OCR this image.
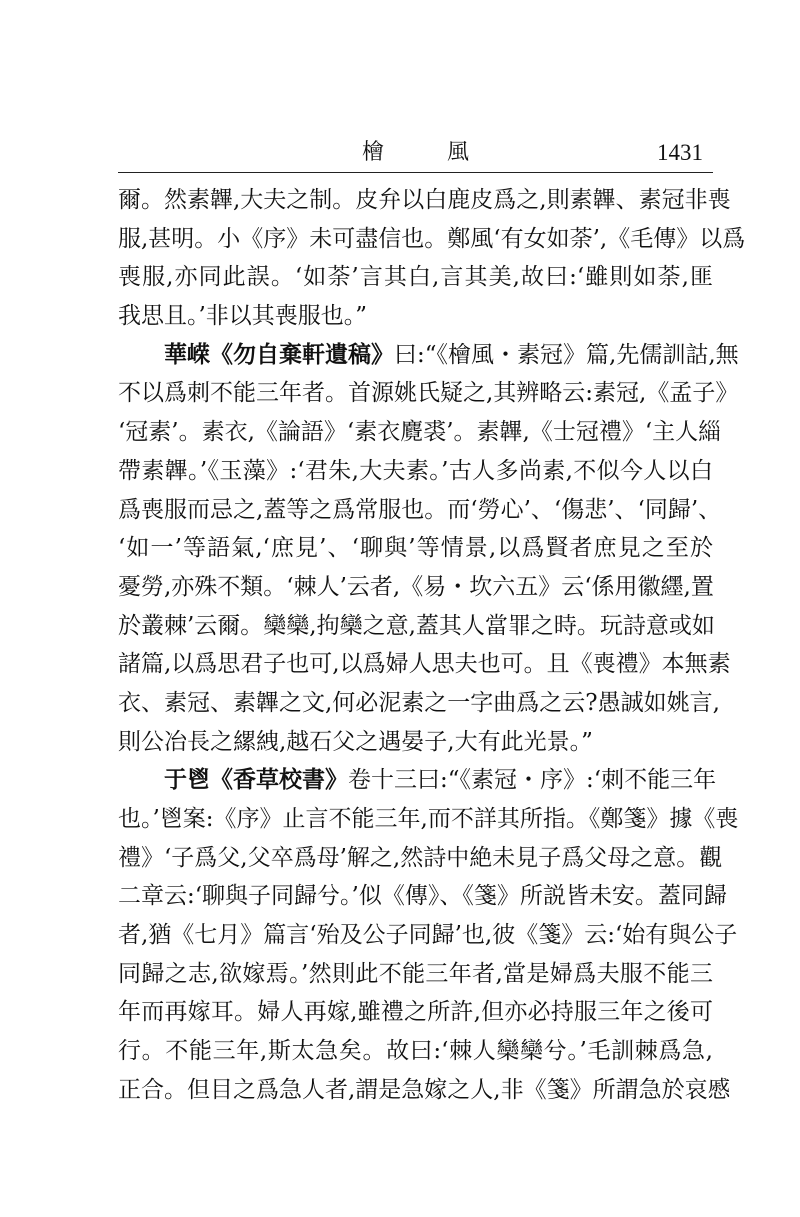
檜 風	1431
爾。然素韠,大夫之制。皮弁以白鹿皮爲之,則素韠、素冠非喪
服,甚明。小《序》未可盡信也。鄭風‘有女如荼’,《毛傳》以爲
喪服,亦同此誤。‘如荼’言其白,言其美,故曰:‘雖則如荼,匪
我思且。’非以其喪服也。”
華嵘《勿自棄軒遺稿》曰:“《檜風・素冠》篇,先儒訓詁,無
不以爲刺不能三年者。首源姚氏疑之,其辨略云:素冠,《孟子》
‘冠素’。素衣,《論語》‘素衣麑裘’。素韠,《士冠禮》‘主人緇
帶素韠。’《玉藻》:‘君朱,大夫素。’古人多尚素,不似今人以白
爲喪服而忌之,蓋等之爲常服也。而‘勞心’、‘傷悲’、‘同歸’、
‘如一’等語氣,‘庶見’、‘聊與’等情景,以爲賢者庶見之至於
憂勞,亦殊不類。‘棘人’云者,《易・坎六五》云‘係用徽纆,置
於叢棘’云爾。欒欒,拘欒之意,蓋其人當罪之時。玩詩意或如
諸篇,以爲思君子也可,以爲婦人思夫也可。且《喪禮》本無素
衣、素冠、素韠之文,何必泥素之一字曲爲之云?愚誠如姚言,
則公冶長之縲絏,越石父之遇晏子,大有此光景。”
于鬯《香草校書》卷十三曰:“《素冠・序》:‘刺不能三年
也。’鬯案:《序》止言不能三年,而不詳其所指。《鄭箋》據《喪
禮》‘子爲父,父卒爲母’解之,然詩中絶未見子爲父母之意。觀
二章云:‘聊與子同歸兮。’似《傳》、《箋》所説皆未安。蓋同歸
者,猶《七月》篇言‘殆及公子同歸’也,彼《箋》云:‘始有與公子
同歸之志,欲嫁焉。’然則此不能三年者,當是婦爲夫服不能三
年而再嫁耳。婦人再嫁,雖禮之所許,但亦必持服三年之後可
行。不能三年,斯太急矣。故曰:‘棘人欒欒兮。’毛訓棘爲急,
正合。但目之爲急人者,謂是急嫁之人,非《箋》所謂急於哀慼
